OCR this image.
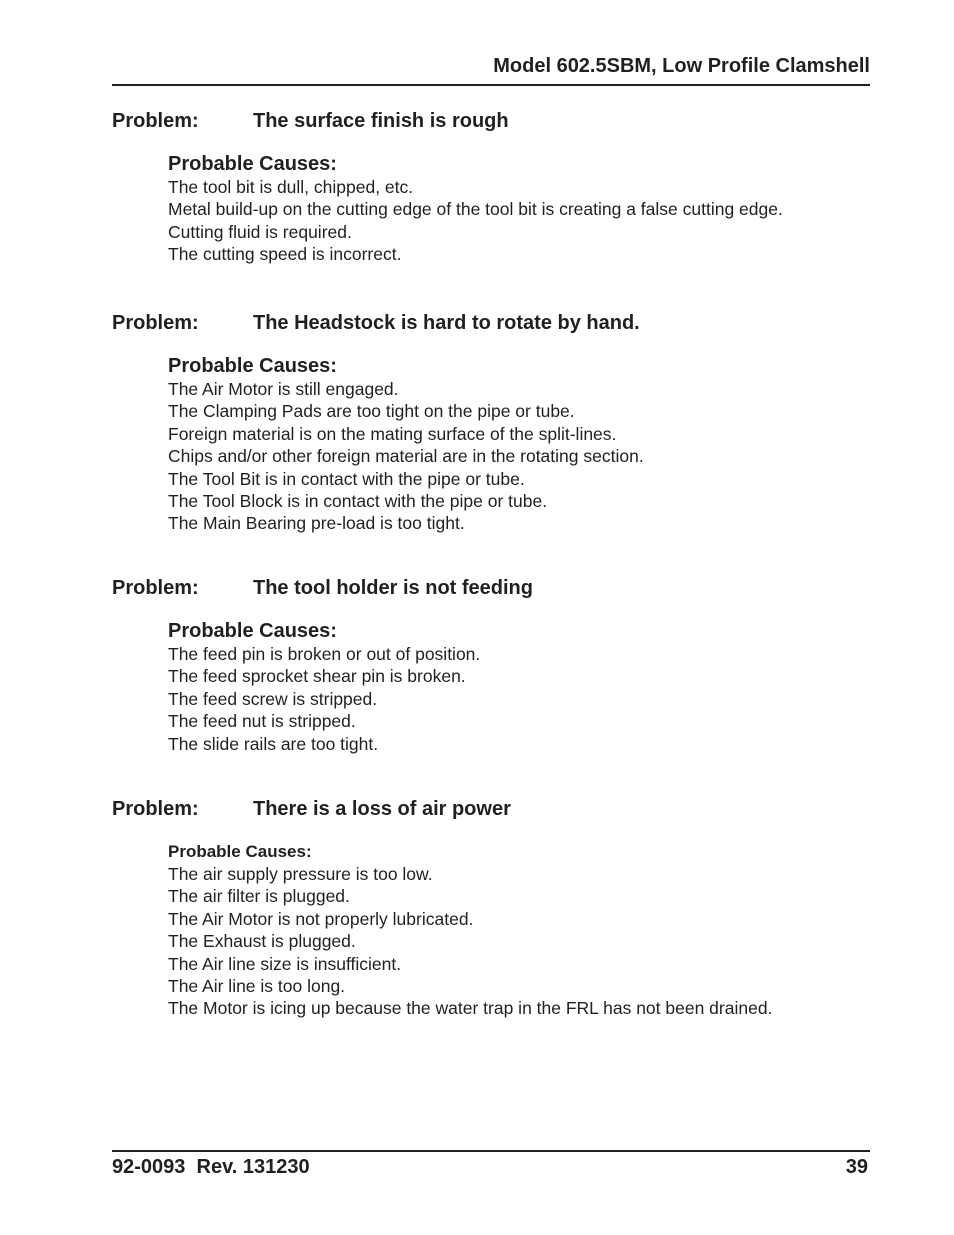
Model 602.5SBM, Low Profile Clamshell
Problem:	The surface finish is rough
Probable Causes:
The tool bit is dull, chipped, etc.
Metal build-up on the cutting edge of the tool bit is creating a false cutting edge.
Cutting fluid is required.
The cutting speed is incorrect.
Problem:	The Headstock is hard to rotate by hand.
Probable Causes:
The Air Motor is still engaged.
The Clamping Pads are too tight on the pipe or tube.
Foreign material is on the mating surface of the split-lines.
Chips and/or other foreign material are in the rotating section.
The Tool Bit is in contact with the pipe or tube.
The Tool Block is in contact with the pipe or tube.
The Main Bearing pre-load is too tight.
Problem:	The tool holder is not feeding
Probable Causes:
The feed pin is broken or out of position.
The feed sprocket shear pin is broken.
The feed screw is stripped.
The feed nut is stripped.
The slide rails are too tight.
Problem:	There is a loss of air power
Probable Causes:
The air supply pressure is too low.
The air filter is plugged.
The Air Motor is not properly lubricated.
The Exhaust is plugged.
The Air line size is insufficient.
The Air line is too long.
The Motor is icing up because the water trap in the FRL has not been drained.
92-0093  Rev. 131230	39
